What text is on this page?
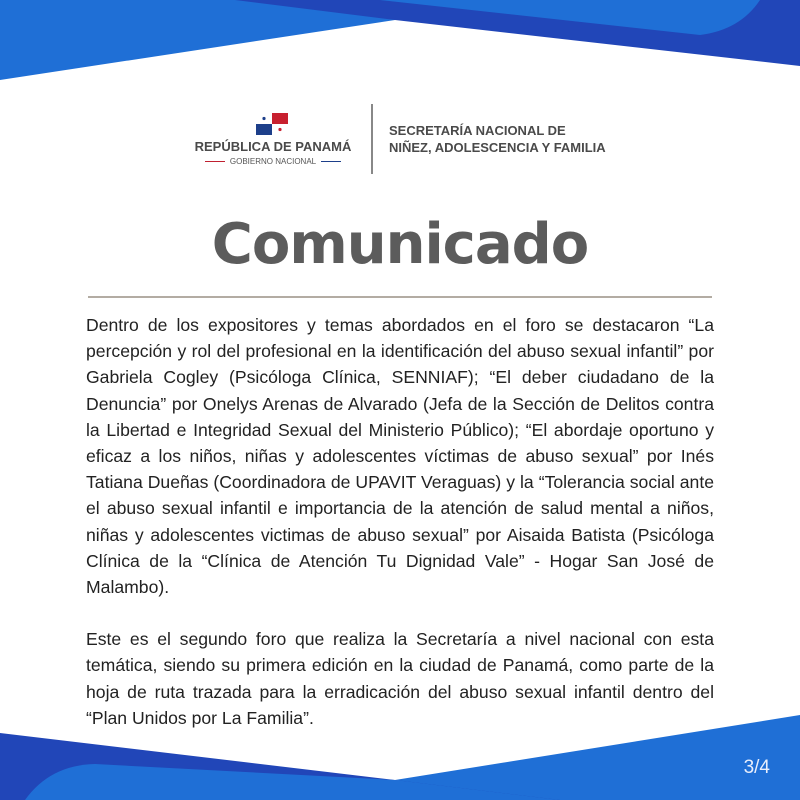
REPÚBLICA DE PANAMÁ
GOBIERNO NACIONAL
SECRETARÍA NACIONAL DE
NIÑEZ, ADOLESCENCIA Y FAMILIA
Comunicado

Dentro de los expositores y temas abordados en el foro se destacaron “La percepción y rol del profesional en la identificación del abuso sexual infantil” por Gabriela Cogley (Psicóloga Clínica, SENNIAF); “El deber ciudadano de la Denuncia” por Onelys Arenas de Alvarado (Jefa de la Sección de Delitos contra la Libertad e Integridad Sexual del Ministerio Público); “El abordaje oportuno y eficaz a los niños, niñas y adolescentes víctimas de abuso sexual” por Inés Tatiana Dueñas (Coordinadora de UPAVIT Veraguas) y la “Tolerancia social ante el abuso sexual infantil e importancia de la atención de salud mental a niños, niñas y adolescentes victimas de abuso sexual” por Aisaida Batista (Psicóloga Clínica de la “Clínica de Atención Tu Dignidad Vale” - Hogar San José de Malambo).

Este es el segundo foro que realiza la Secretaría a nivel nacional con esta temática, siendo su primera edición en la ciudad de Panamá, como parte de la hoja de ruta trazada para la erradicación del abuso sexual infantil dentro del “Plan Unidos por La Familia”.

3/4
